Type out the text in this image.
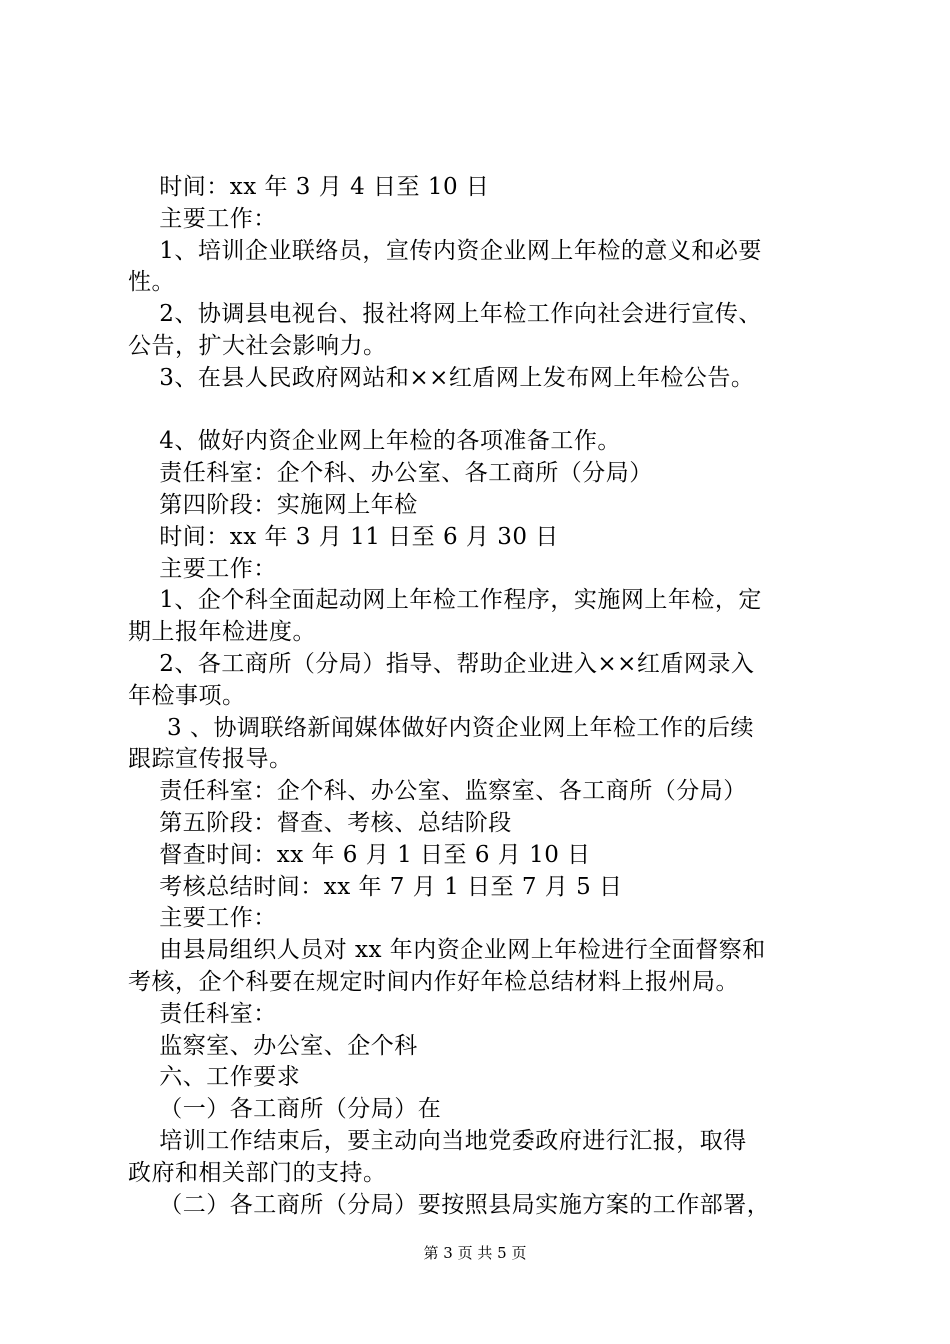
时间：xx 年 3 月 4 日至 10 日
主要工作：
1、培训企业联络员，宣传内资企业网上年检的意义和必要
性。
2、协调县电视台、报社将网上年检工作向社会进行宣传、
公告，扩大社会影响力。
3、在县人民政府网站和××红盾网上发布网上年检公告。
4、做好内资企业网上年检的各项准备工作。
责任科室：企个科、办公室、各工商所（分局）
第四阶段：实施网上年检
时间：xx 年 3 月 11 日至 6 月 30 日
主要工作：
1、企个科全面起动网上年检工作程序，实施网上年检，定
期上报年检进度。
2、各工商所（分局）指导、帮助企业进入××红盾网录入
年检事项。
3 、协调联络新闻媒体做好内资企业网上年检工作的后续
跟踪宣传报导。
责任科室：企个科、办公室、监察室、各工商所（分局）
第五阶段：督查、考核、总结阶段
督查时间：xx 年 6 月 1 日至 6 月 10 日
考核总结时间：xx 年 7 月 1 日至 7 月 5 日
主要工作：
由县局组织人员对 xx 年内资企业网上年检进行全面督察和
考核，企个科要在规定时间内作好年检总结材料上报州局。
责任科室：
监察室、办公室、企个科
六、工作要求
（一）各工商所（分局）在
培训工作结束后，要主动向当地党委政府进行汇报，取得
政府和相关部门的支持。
（二）各工商所（分局）要按照县局实施方案的工作部署，
第 3 页 共 5 页
